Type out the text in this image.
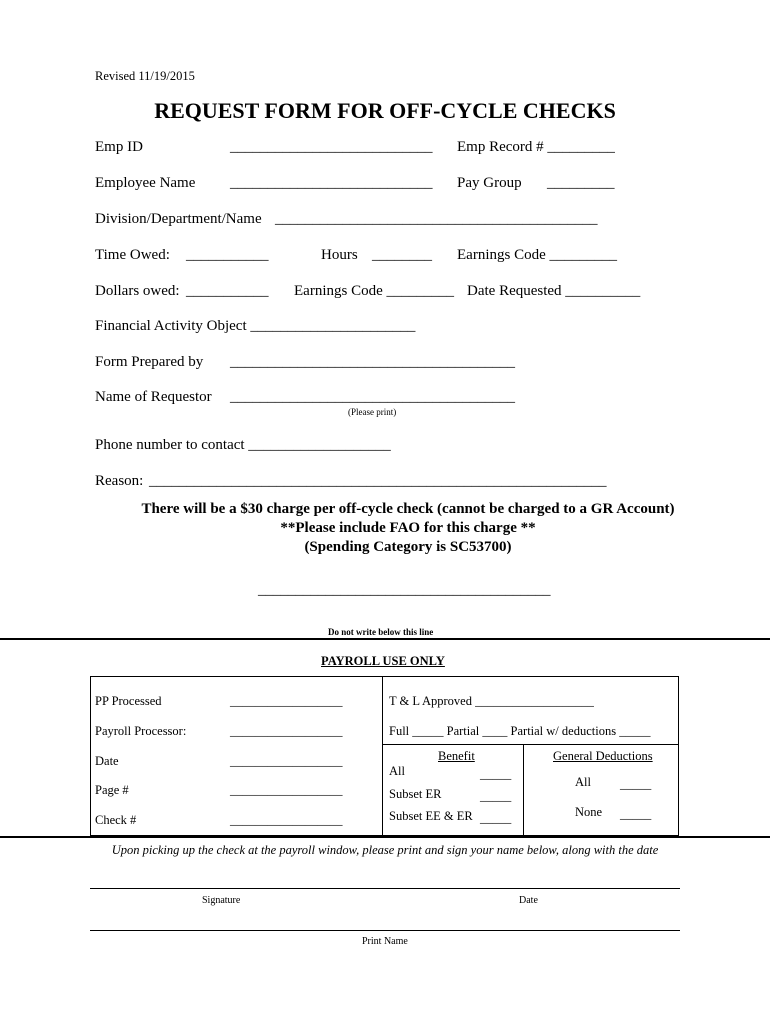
Revised 11/19/2015
REQUEST FORM FOR OFF-CYCLE CHECKS
Emp ID	___________________________ Emp Record # _________
Employee Name ___________________________ Pay Group _________
Division/Department/Name ___________________________________________
Time Owed: ___________	Hours ________ Earnings Code _________
Dollars owed: ___________ Earnings Code _________ Date Requested __________
Financial Activity Object ______________________
Form Prepared by ______________________________________
Name of Requestor ______________________________________
(Please print)
Phone number to contact ___________________
Reason: _____________________________________________________________
There will be a $30 charge per off-cycle check (cannot be charged to a GR Account)
**Please include FAO for this charge **
(Spending Category is SC53700)
_______________________________________
Do not write below this line
PAYROLL USE ONLY
PP Processed	__________________
Payroll Processor:	__________________
Date	__________________
Page #	__________________
Check #	__________________
T & L Approved ___________________
Full _____ Partial ____ Partial w/ deductions _____
Benefit
All	_____
Subset ER	_____
Subset EE & ER _____
General Deductions
All _____
None _____
Upon picking up the check at the payroll window, please print and sign your name below, along with the date
Signature	Date
Print Name
